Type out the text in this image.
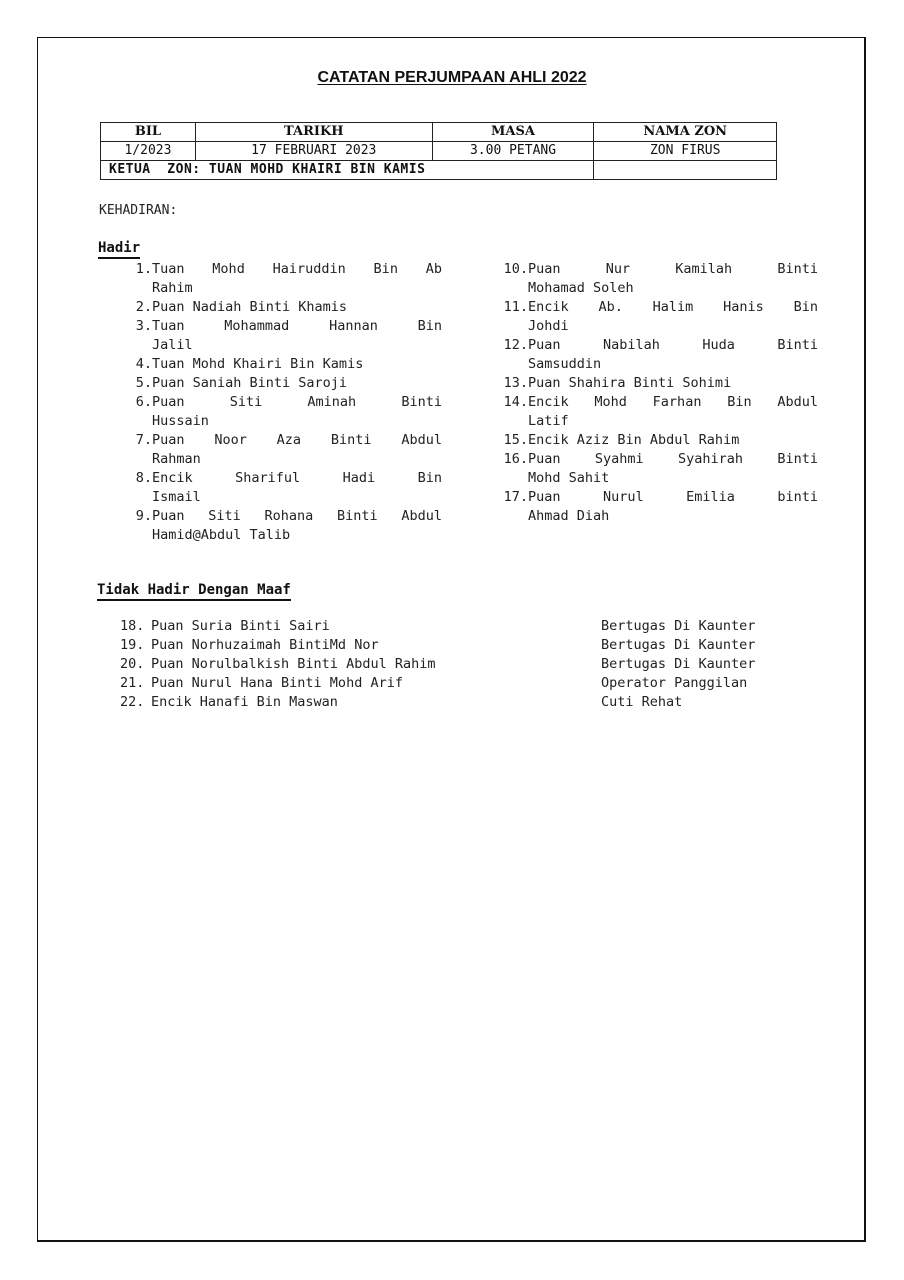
CATATAN PERJUMPAAN AHLI 2022
BIL	TARIKH	MASA	NAMA ZON
1/2023	17 FEBRUARI 2023	3.00 PETANG	ZON FIRUS
KETUA  ZON: TUAN MOHD KHAIRI BIN KAMIS			
KEHADIRAN:
Hadir
1. Tuan Mohd Hairuddin Bin Ab
Rahim
2. Puan Nadiah Binti Khamis
3. Tuan Mohammad Hannan Bin
Jalil
4. Tuan Mohd Khairi Bin Kamis
5. Puan Saniah Binti Saroji
6. Puan Siti Aminah Binti
Hussain
7. Puan Noor Aza Binti Abdul
Rahman
8. Encik Shariful Hadi Bin
Ismail
9. Puan Siti Rohana Binti Abdul
Hamid@Abdul Talib
10. Puan Nur Kamilah Binti
Mohamad Soleh
11. Encik Ab. Halim Hanis Bin
Johdi
12. Puan Nabilah Huda Binti
Samsuddin
13. Puan Shahira Binti Sohimi
14. Encik Mohd Farhan Bin Abdul
Latif
15. Encik Aziz Bin Abdul Rahim
16. Puan Syahmi Syahirah Binti
Mohd Sahit
17. Puan Nurul Emilia binti
Ahmad Diah
Tidak Hadir Dengan Maaf
18. Puan Suria Binti Sairi	Bertugas Di Kaunter
19. Puan Norhuzaimah BintiMd Nor	Bertugas Di Kaunter
20. Puan Norulbalkish Binti Abdul Rahim	Bertugas Di Kaunter
21. Puan Nurul Hana Binti Mohd Arif	Operator Panggilan
22. Encik Hanafi Bin Maswan	Cuti Rehat
